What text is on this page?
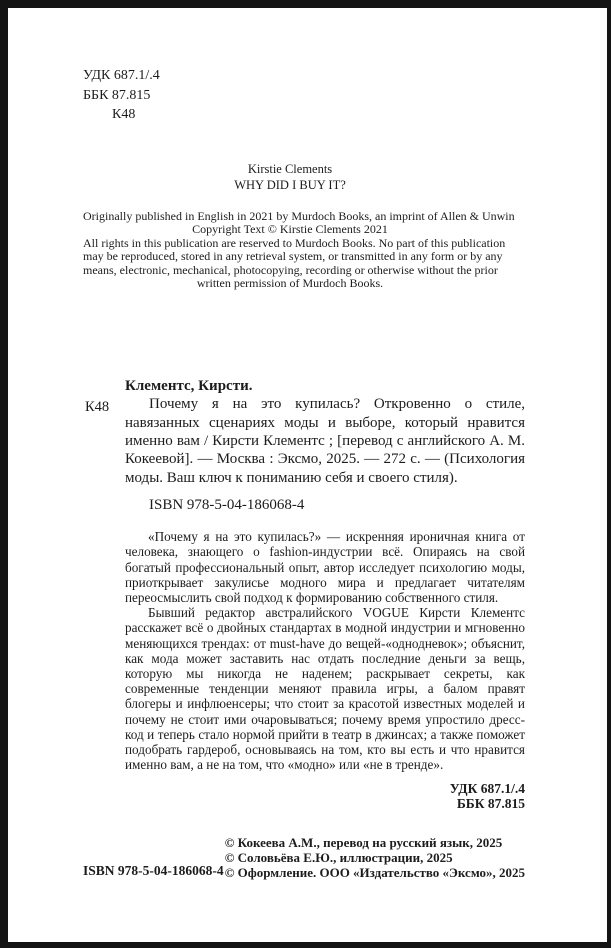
УДК 687.1/.4
ББК 87.815
К48
Kirstie Clements
WHY DID I BUY IT?
Originally published in English in 2021 by Murdoch Books, an imprint of Allen & Unwin
Copyright Text © Kirstie Clements 2021
All rights in this publication are reserved to Murdoch Books. No part of this publication
may be reproduced, stored in any retrieval system, or transmitted in any form or by any
means, electronic, mechanical, photocopying, recording or otherwise without the prior
written permission of Murdoch Books.
К48
Клементс, Кирсти.
Почему я на это купилась? Откровенно о стиле, навязанных сценариях моды и выборе, который нравится именно вам / Кирсти Клементс ; [перевод с английского А. М. Кокеевой]. — Москва : Эксмо, 2025. — 272 с. — (Психология моды. Ваш ключ к пониманию себя и своего стиля).
ISBN 978-5-04-186068-4

«Почему я на это купилась?» — искренняя ироничная книга от человека, знающего о fashion-индустрии всё. Опираясь на свой богатый профессиональный опыт, автор исследует психологию моды, приоткрывает закулисье модного мира и предлагает читателям переосмыслить свой подход к формированию собственного стиля.

Бывший редактор австралийского VOGUE Кирсти Клементс расскажет всё о двойных стандартах в модной индустрии и мгновенно меняющихся трендах: от must-have до вещей-«однодневок»; объяснит, как мода может заставить нас отдать последние деньги за вещь, которую мы никогда не наденем; раскрывает секреты, как современные тенденции меняют правила игры, а балом правят блогеры и инфлюенсеры; что стоит за красотой известных моделей и почему не стоит ими очаровываться; почему время упростило дресс-код и теперь стало нормой прийти в театр в джинсах; а также поможет подобрать гардероб, основываясь на том, кто вы есть и что нравится именно вам, а не на том, что «модно» или «не в тренде».

УДК 687.1/.4
ББК 87.815
ISBN 978-5-04-186068-4
© Кокеева А.М., перевод на русский язык, 2025
© Соловьёва Е.Ю., иллюстрации, 2025
© Оформление. ООО «Издательство «Эксмо», 2025
